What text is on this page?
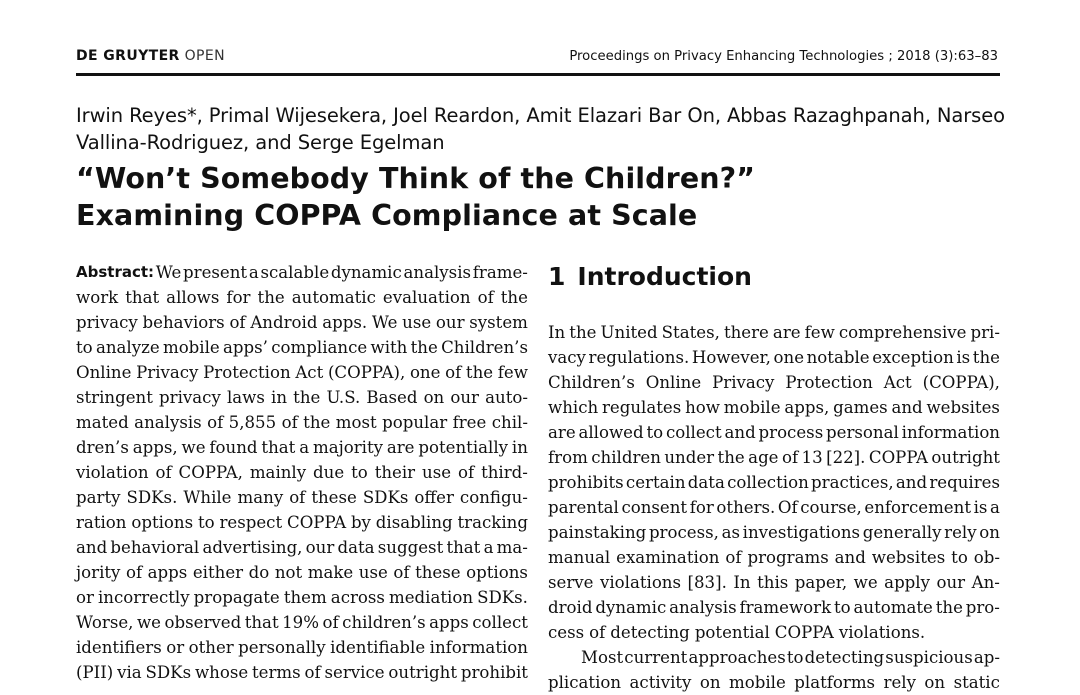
DE GRUYTER OPEN	Proceedings on Privacy Enhancing Technologies ; 2018 (3):63–83
Irwin Reyes*, Primal Wijesekera, Joel Reardon, Amit Elazari Bar On, Abbas Razaghpanah, Narseo Vallina-Rodriguez, and Serge Egelman
“Won’t Somebody Think of the Children?”
Examining COPPA Compliance at Scale
Abstract: We present a scalable dynamic analysis frame-
work that allows for the automatic evaluation of the
privacy behaviors of Android apps. We use our system
to analyze mobile apps’ compliance with the Children’s
Online Privacy Protection Act (COPPA), one of the few
stringent privacy laws in the U.S. Based on our auto-
mated analysis of 5,855 of the most popular free chil-
dren’s apps, we found that a majority are potentially in
violation of COPPA, mainly due to their use of third-
party SDKs. While many of these SDKs offer configu-
ration options to respect COPPA by disabling tracking
and behavioral advertising, our data suggest that a ma-
jority of apps either do not make use of these options
or incorrectly propagate them across mediation SDKs.
Worse, we observed that 19% of children’s apps collect
identifiers or other personally identifiable information
(PII) via SDKs whose terms of service outright prohibit
1 Introduction
In the United States, there are few comprehensive pri-
vacy regulations. However, one notable exception is the
Children’s Online Privacy Protection Act (COPPA),
which regulates how mobile apps, games and websites
are allowed to collect and process personal information
from children under the age of 13 [22]. COPPA outright
prohibits certain data collection practices, and requires
parental consent for others. Of course, enforcement is a
painstaking process, as investigations generally rely on
manual examination of programs and websites to ob-
serve violations [83]. In this paper, we apply our An-
droid dynamic analysis framework to automate the pro-
cess of detecting potential COPPA violations.
Most current approaches to detecting suspicious ap-
plication activity on mobile platforms rely on static
